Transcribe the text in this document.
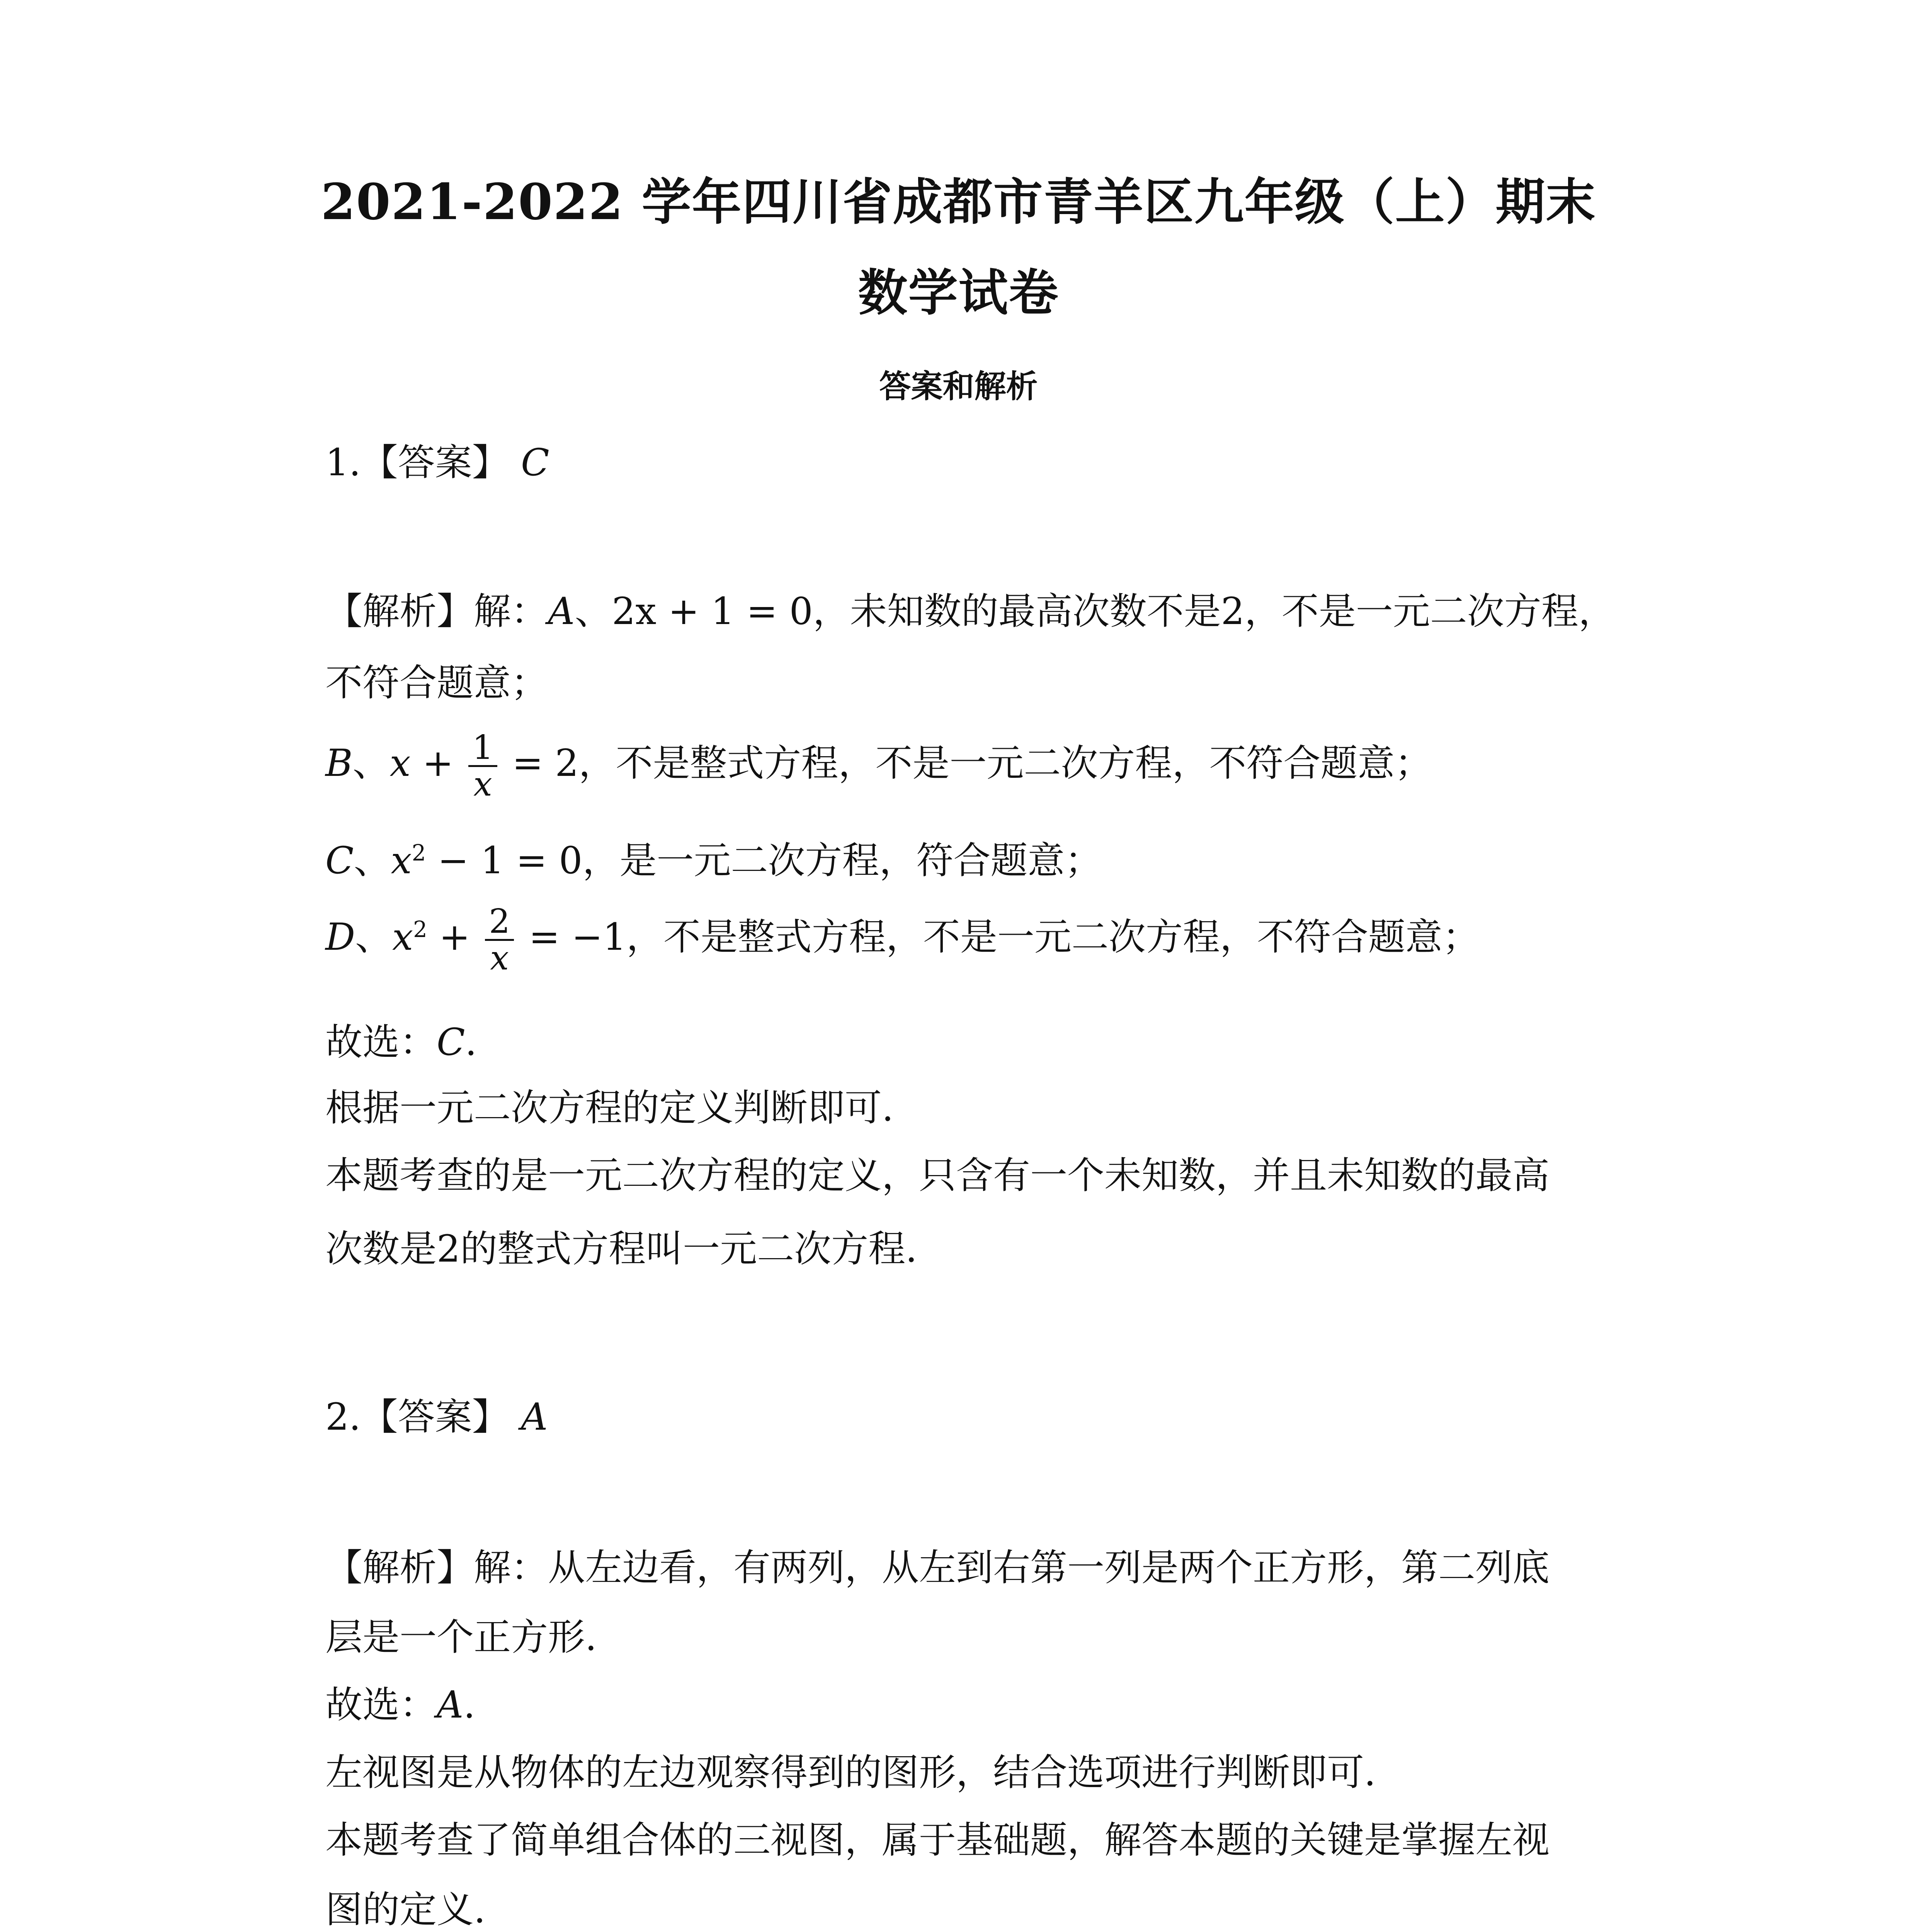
2021-2022 学年四川省成都市青羊区九年级（上）期末
数学试卷
答案和解析
1.【答案】 C
【解析】解：A、2x + 1 = 0，未知数的最高次数不是2，不是一元二次方程，
不符合题意；
B、$x + \frac{1}{x} = 2$，不是整式方程，不是一元二次方程，不符合题意；
C、$x^2 - 1 = 0$，是一元二次方程，符合题意；
D、$x^2 + \frac{2}{x} = -1$，不是整式方程，不是一元二次方程，不符合题意；
故选：C.
根据一元二次方程的定义判断即可.
本题考查的是一元二次方程的定义，只含有一个未知数，并且未知数的最高
次数是2的整式方程叫一元二次方程.
2.【答案】 A
【解析】解：从左边看，有两列，从左到右第一列是两个正方形，第二列底
层是一个正方形.
故选：A.
左视图是从物体的左边观察得到的图形，结合选项进行判断即可.
本题考查了简单组合体的三视图，属于基础题，解答本题的关键是掌握左视
图的定义.
